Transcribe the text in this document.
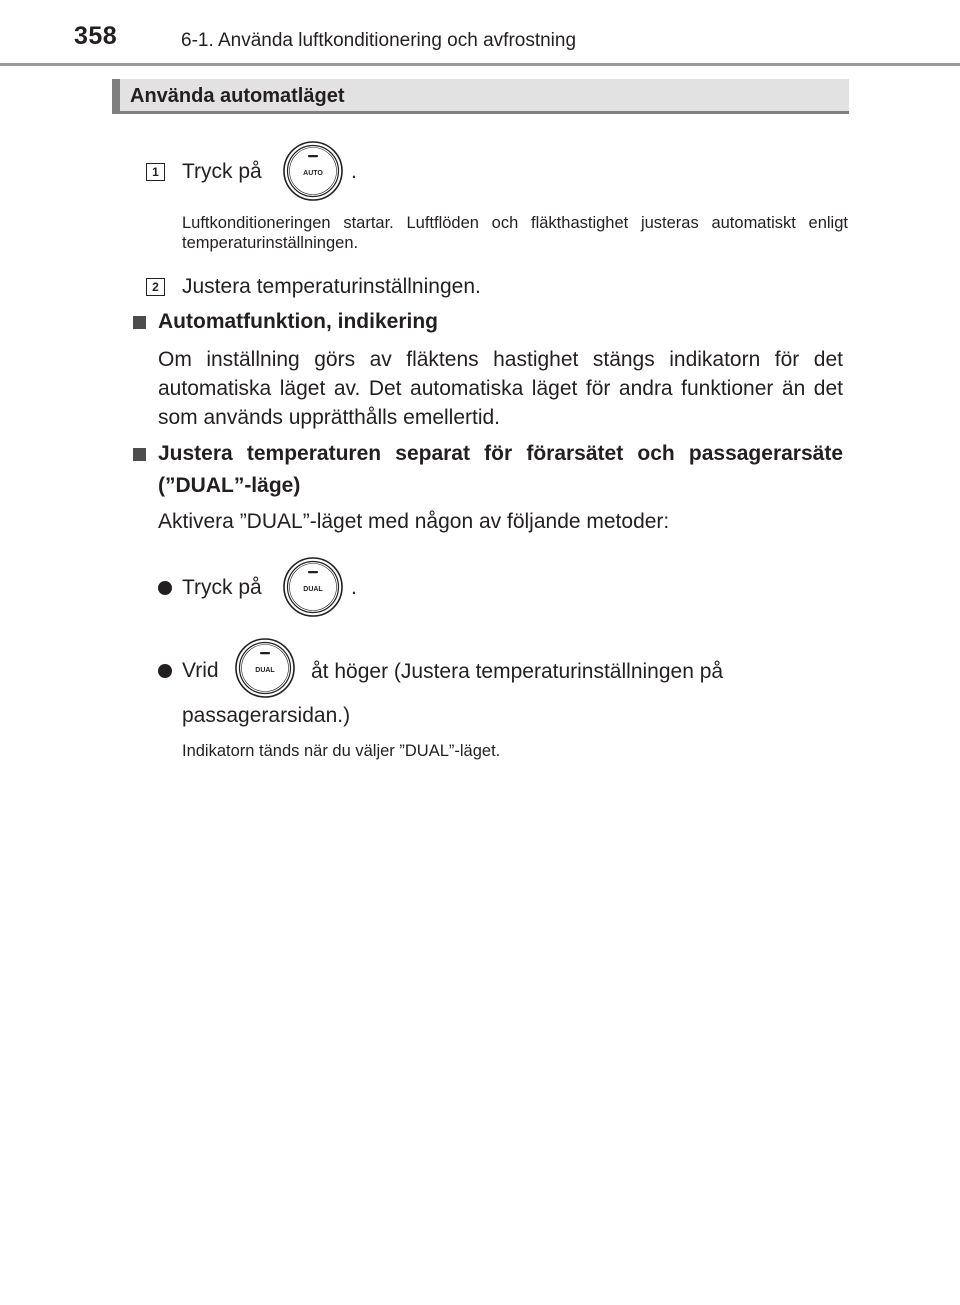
358	6-1. Använda luftkonditionering och avfrostning
Använda automatläget
1 Tryck på	AUTO .
Luftkonditioneringen startar. Luftflöden och fläkthastighet justeras automatiskt enligt temperaturinställningen.
2 Justera temperaturinställningen.
Automatfunktion, indikering
Om inställning görs av fläktens hastighet stängs indikatorn för det automatiska läget av. Det automatiska läget för andra funktioner än det som används upprätthålls emellertid.
Justera temperaturen separat för förarsätet och passagerarsäte (”DUAL”-läge)
Aktivera ”DUAL”-läget med någon av följande metoder:
Tryck på	DUAL .
Vrid	DUAL	åt höger (Justera temperaturinställningen på passagerarsidan.)
Indikatorn tänds när du väljer ”DUAL”-läget.
